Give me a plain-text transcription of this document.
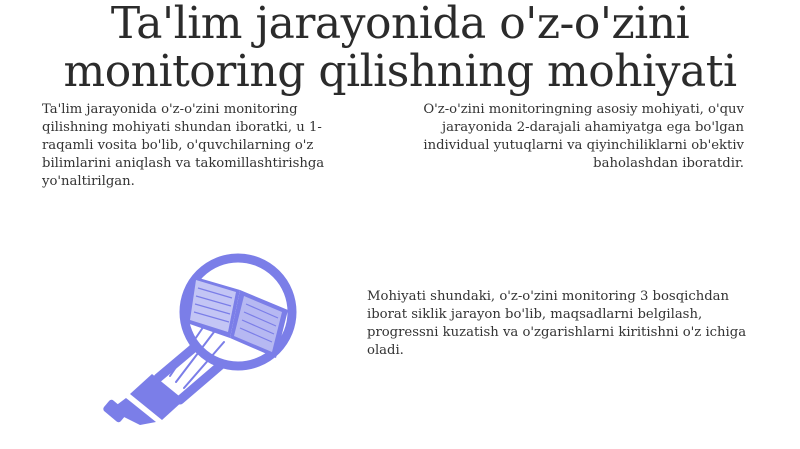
Ta'lim jarayonida o'z-o'zini monitoring qilishning mohiyati

Ta'lim jarayonida o'z-o'zini monitoring qilishning mohiyati shundan iboratki, u 1-raqamli vosita bo'lib, o'quvchilarning o'z bilimlarini aniqlash va takomillashtirishga yo'naltirilgan.

O'z-o'zini monitoringning asosiy mohiyati, o'quv jarayonida 2-darajali ahamiyatga ega bo'lgan individual yutuqlarni va qiyinchiliklarni ob'ektiv baholashdan iboratdir.

Mohiyati shundaki, o'z-o'zini monitoring 3 bosqichdan iborat siklik jarayon bo'lib, maqsadlarni belgilash, progressni kuzatish va o'zgarishlarni kiritishni o'z ichiga oladi.
